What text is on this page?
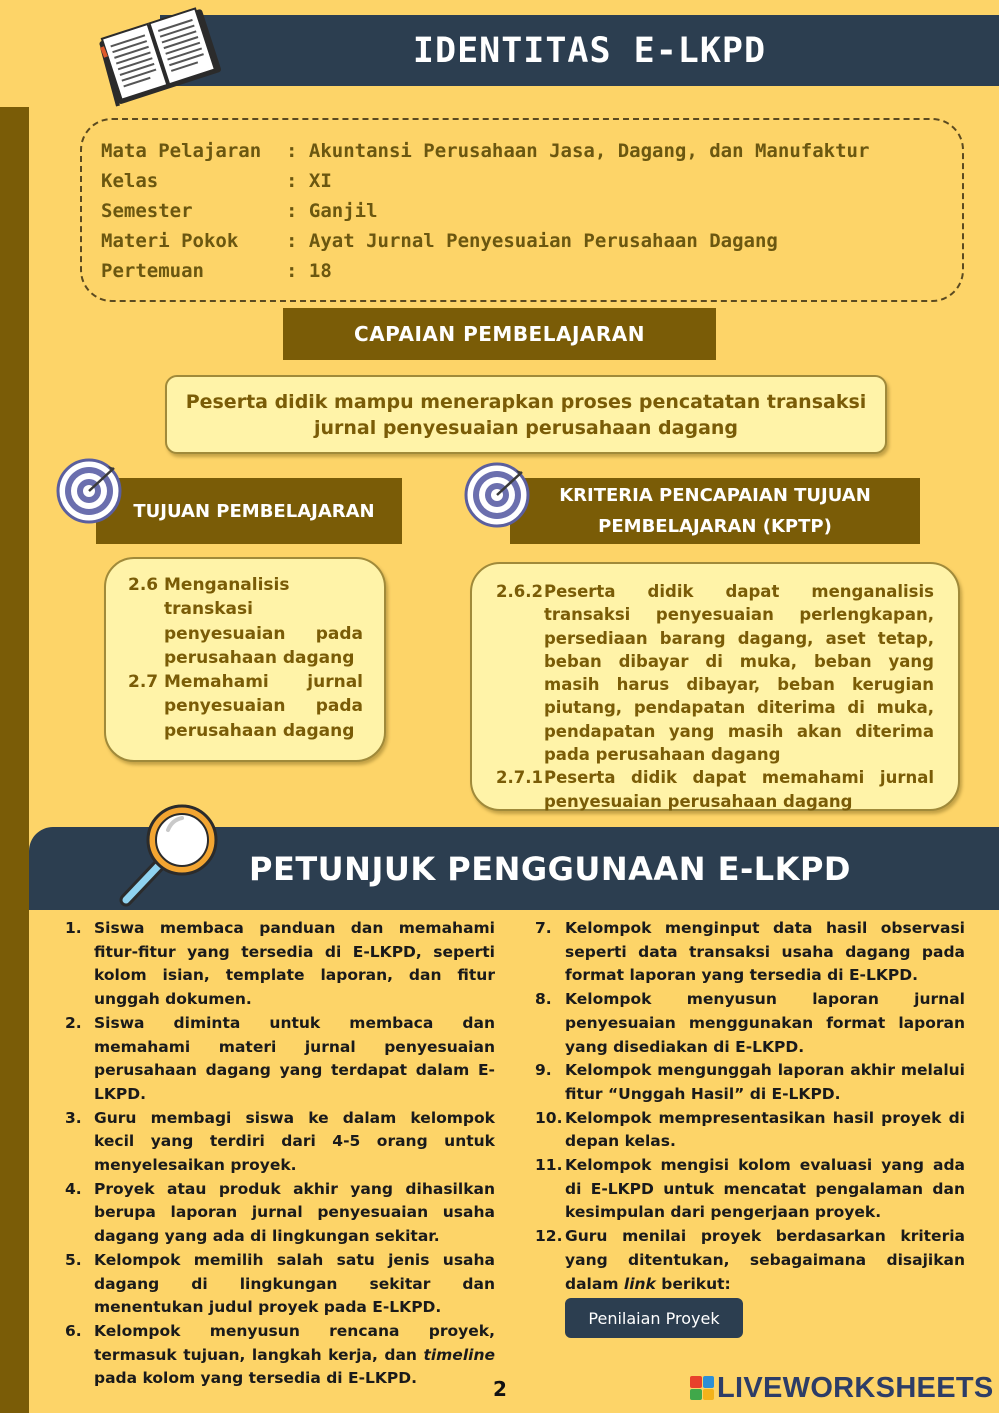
IDENTITAS E-LKPD
Mata Pelajaran : Akuntansi Perusahaan Jasa, Dagang, dan Manufaktur
Kelas	: XI
Semester	: Ganjil
Materi Pokok	: Ayat Jurnal Penyesuaian Perusahaan Dagang
Pertemuan	: 18
CAPAIAN PEMBELAJARAN
Peserta didik mampu menerapkan proses pencatatan transaksi jurnal penyesuaian perusahaan dagang
TUJUAN PEMBELAJARAN
KRITERIA PENCAPAIAN TUJUAN PEMBELAJARAN (KPTP)
2.6 Menganalisis transkasi penyesuaian pada perusahaan dagang
2.7 Memahami jurnal penyesuaian pada perusahaan dagang
2.6.2 Peserta didik dapat menganalisis transaksi penyesuaian perlengkapan, persediaan barang dagang, aset tetap, beban dibayar di muka, beban yang masih harus dibayar, beban kerugian piutang, pendapatan diterima di muka, pendapatan yang masih akan diterima pada perusahaan dagang
2.7.1 Peserta didik dapat memahami jurnal penyesuaian perusahaan dagang
PETUNJUK PENGGUNAAN E-LKPD
1. Siswa membaca panduan dan memahami fitur-fitur yang tersedia di E-LKPD, seperti kolom isian, template laporan, dan fitur unggah dokumen.
2. Siswa diminta untuk membaca dan memahami materi jurnal penyesuaian perusahaan dagang yang terdapat dalam E-LKPD.
3. Guru membagi siswa ke dalam kelompok kecil yang terdiri dari 4-5 orang untuk menyelesaikan proyek.
4. Proyek atau produk akhir yang dihasilkan berupa laporan jurnal penyesuaian usaha dagang yang ada di lingkungan sekitar.
5. Kelompok memilih salah satu jenis usaha dagang di lingkungan sekitar dan menentukan judul proyek pada E-LKPD.
6. Kelompok menyusun rencana proyek, termasuk tujuan, langkah kerja, dan timeline pada kolom yang tersedia di E-LKPD.
7. Kelompok menginput data hasil observasi seperti data transaksi usaha dagang pada format laporan yang tersedia di E-LKPD.
8. Kelompok menyusun laporan jurnal penyesuaian menggunakan format laporan yang disediakan di E-LKPD.
9. Kelompok mengunggah laporan akhir melalui fitur “Unggah Hasil” di E-LKPD.
10. Kelompok mempresentasikan hasil proyek di depan kelas.
11. Kelompok mengisi kolom evaluasi yang ada di E-LKPD untuk mencatat pengalaman dan kesimpulan dari pengerjaan proyek.
12. Guru menilai proyek berdasarkan kriteria yang ditentukan, sebagaimana disajikan dalam link berikut:
Penilaian Proyek
2	LIVEWORKSHEETS
